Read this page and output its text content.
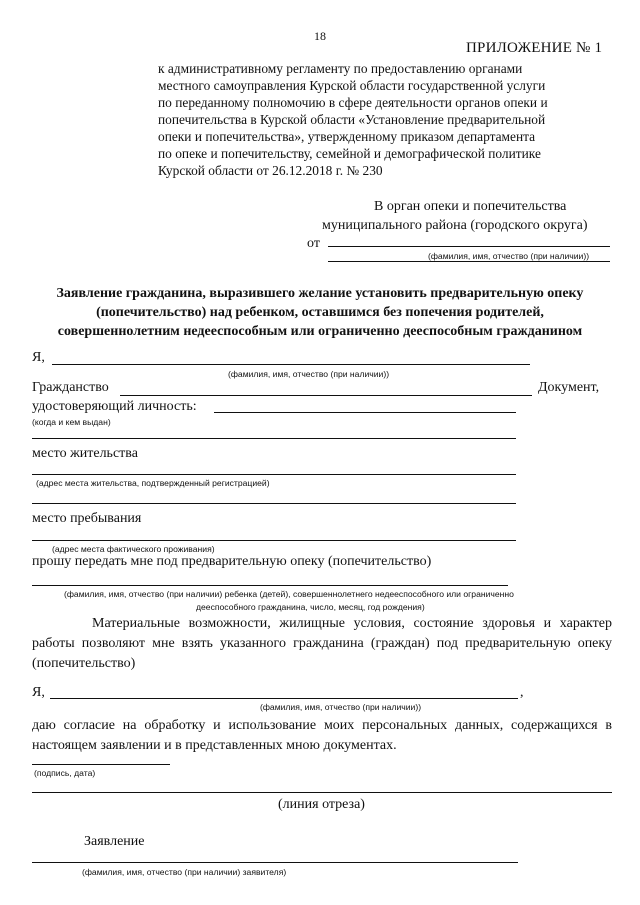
18
ПРИЛОЖЕНИЕ № 1

к административному регламенту по предоставлению органами

местного самоуправления Курской области государственной услуги

по переданному полномочию в сфере деятельности органов опеки и

попечительства в Курской области «Установление предварительной

опеки и попечительства», утвержденному приказом департамента

по опеке и попечительству, семейной и демографической политике

Курской области от 26.12.2018 г. № 230

В орган опеки и попечительства
муниципального района (городского округа)
от
(фамилия, имя, отчество (при наличии))
Заявление гражданина, выразившего желание установить предварительную опеку
(попечительство) над ребенком, оставшимся без попечения родителей,
совершеннолетним недееспособным или ограниченно дееспособным гражданином
Я,
(фамилия, имя, отчество (при наличии))
Гражданство	Документ,
удостоверяющий личность:
(когда и кем выдан)
место жительства
(адрес места жительства, подтвержденный регистрацией)
место пребывания
(адрес места фактического проживания)
прошу передать мне под предварительную опеку (попечительство)
(фамилия, имя, отчество (при наличии) ребенка (детей), совершеннолетнего недееспособного или ограниченно
дееспособного гражданина, число, месяц, год рождения)
Материальные возможности, жилищные условия, состояние здоровья и характер работы позволяют мне взять указанного гражданина (граждан) под предварительную опеку (попечительство)
Я,	,
(фамилия, имя, отчество (при наличии))
даю согласие на обработку и использование моих персональных данных, содержащихся в настоящем заявлении и в представленных мною документах.
(подпись, дата)
(линия отреза)
Заявление
(фамилия, имя, отчество (при наличии) заявителя)
